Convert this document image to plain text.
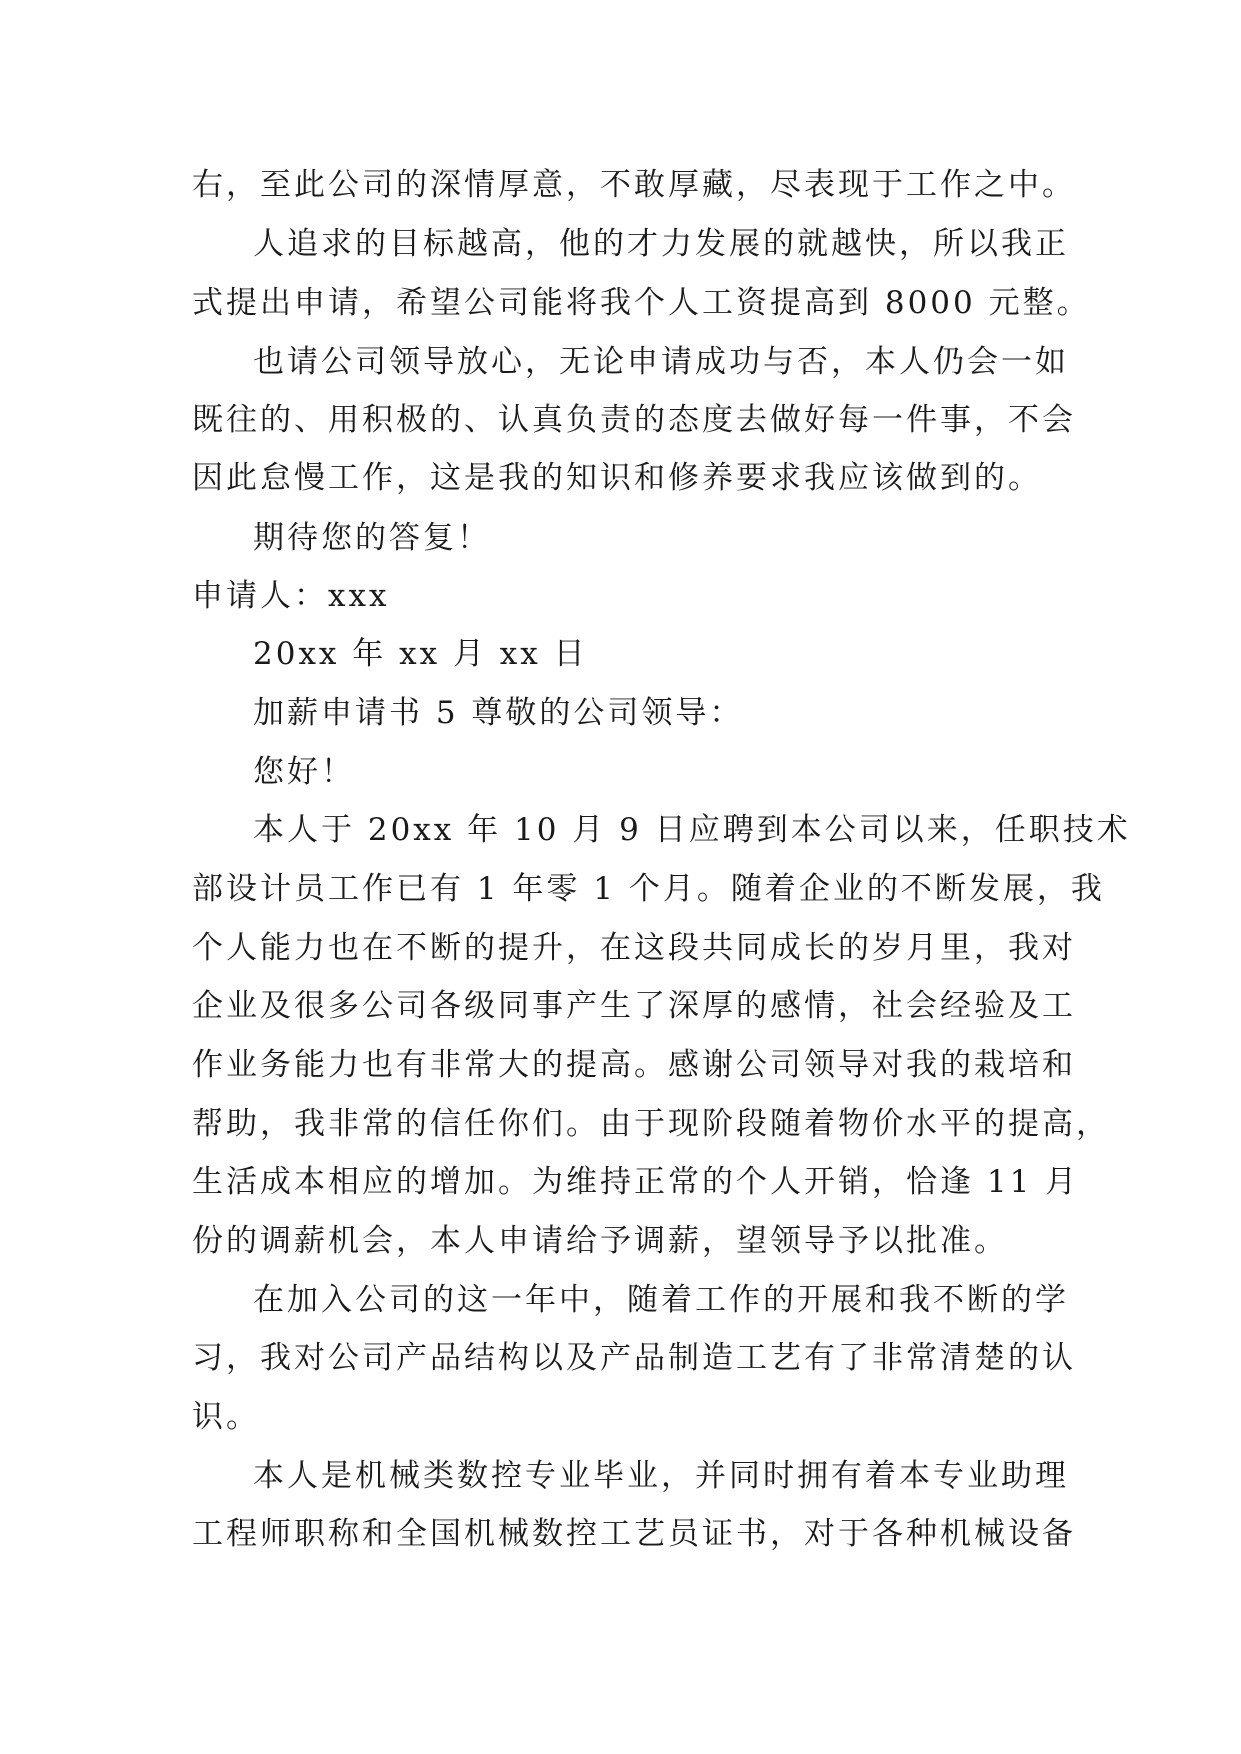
右，至此公司的深情厚意，不敢厚藏，尽表现于工作之中。
人追求的目标越高，他的才力发展的就越快，所以我正
式提出申请，希望公司能将我个人工资提高到 8000 元整。
也请公司领导放心，无论申请成功与否，本人仍会一如
既往的、用积极的、认真负责的态度去做好每一件事，不会
因此怠慢工作，这是我的知识和修养要求我应该做到的。
期待您的答复！
申请人：xxx
20xx 年 xx 月 xx 日
加薪申请书 5 尊敬的公司领导：
您好！
本人于 20xx 年 10 月 9 日应聘到本公司以来，任职技术
部设计员工作已有 1 年零 1 个月。随着企业的不断发展，我
个人能力也在不断的提升，在这段共同成长的岁月里，我对
企业及很多公司各级同事产生了深厚的感情，社会经验及工
作业务能力也有非常大的提高。感谢公司领导对我的栽培和
帮助，我非常的信任你们。由于现阶段随着物价水平的提高，
生活成本相应的增加。为维持正常的个人开销，恰逢 11 月
份的调薪机会，本人申请给予调薪，望领导予以批准。
在加入公司的这一年中，随着工作的开展和我不断的学
习，我对公司产品结构以及产品制造工艺有了非常清楚的认
识。
本人是机械类数控专业毕业，并同时拥有着本专业助理
工程师职称和全国机械数控工艺员证书，对于各种机械设备
